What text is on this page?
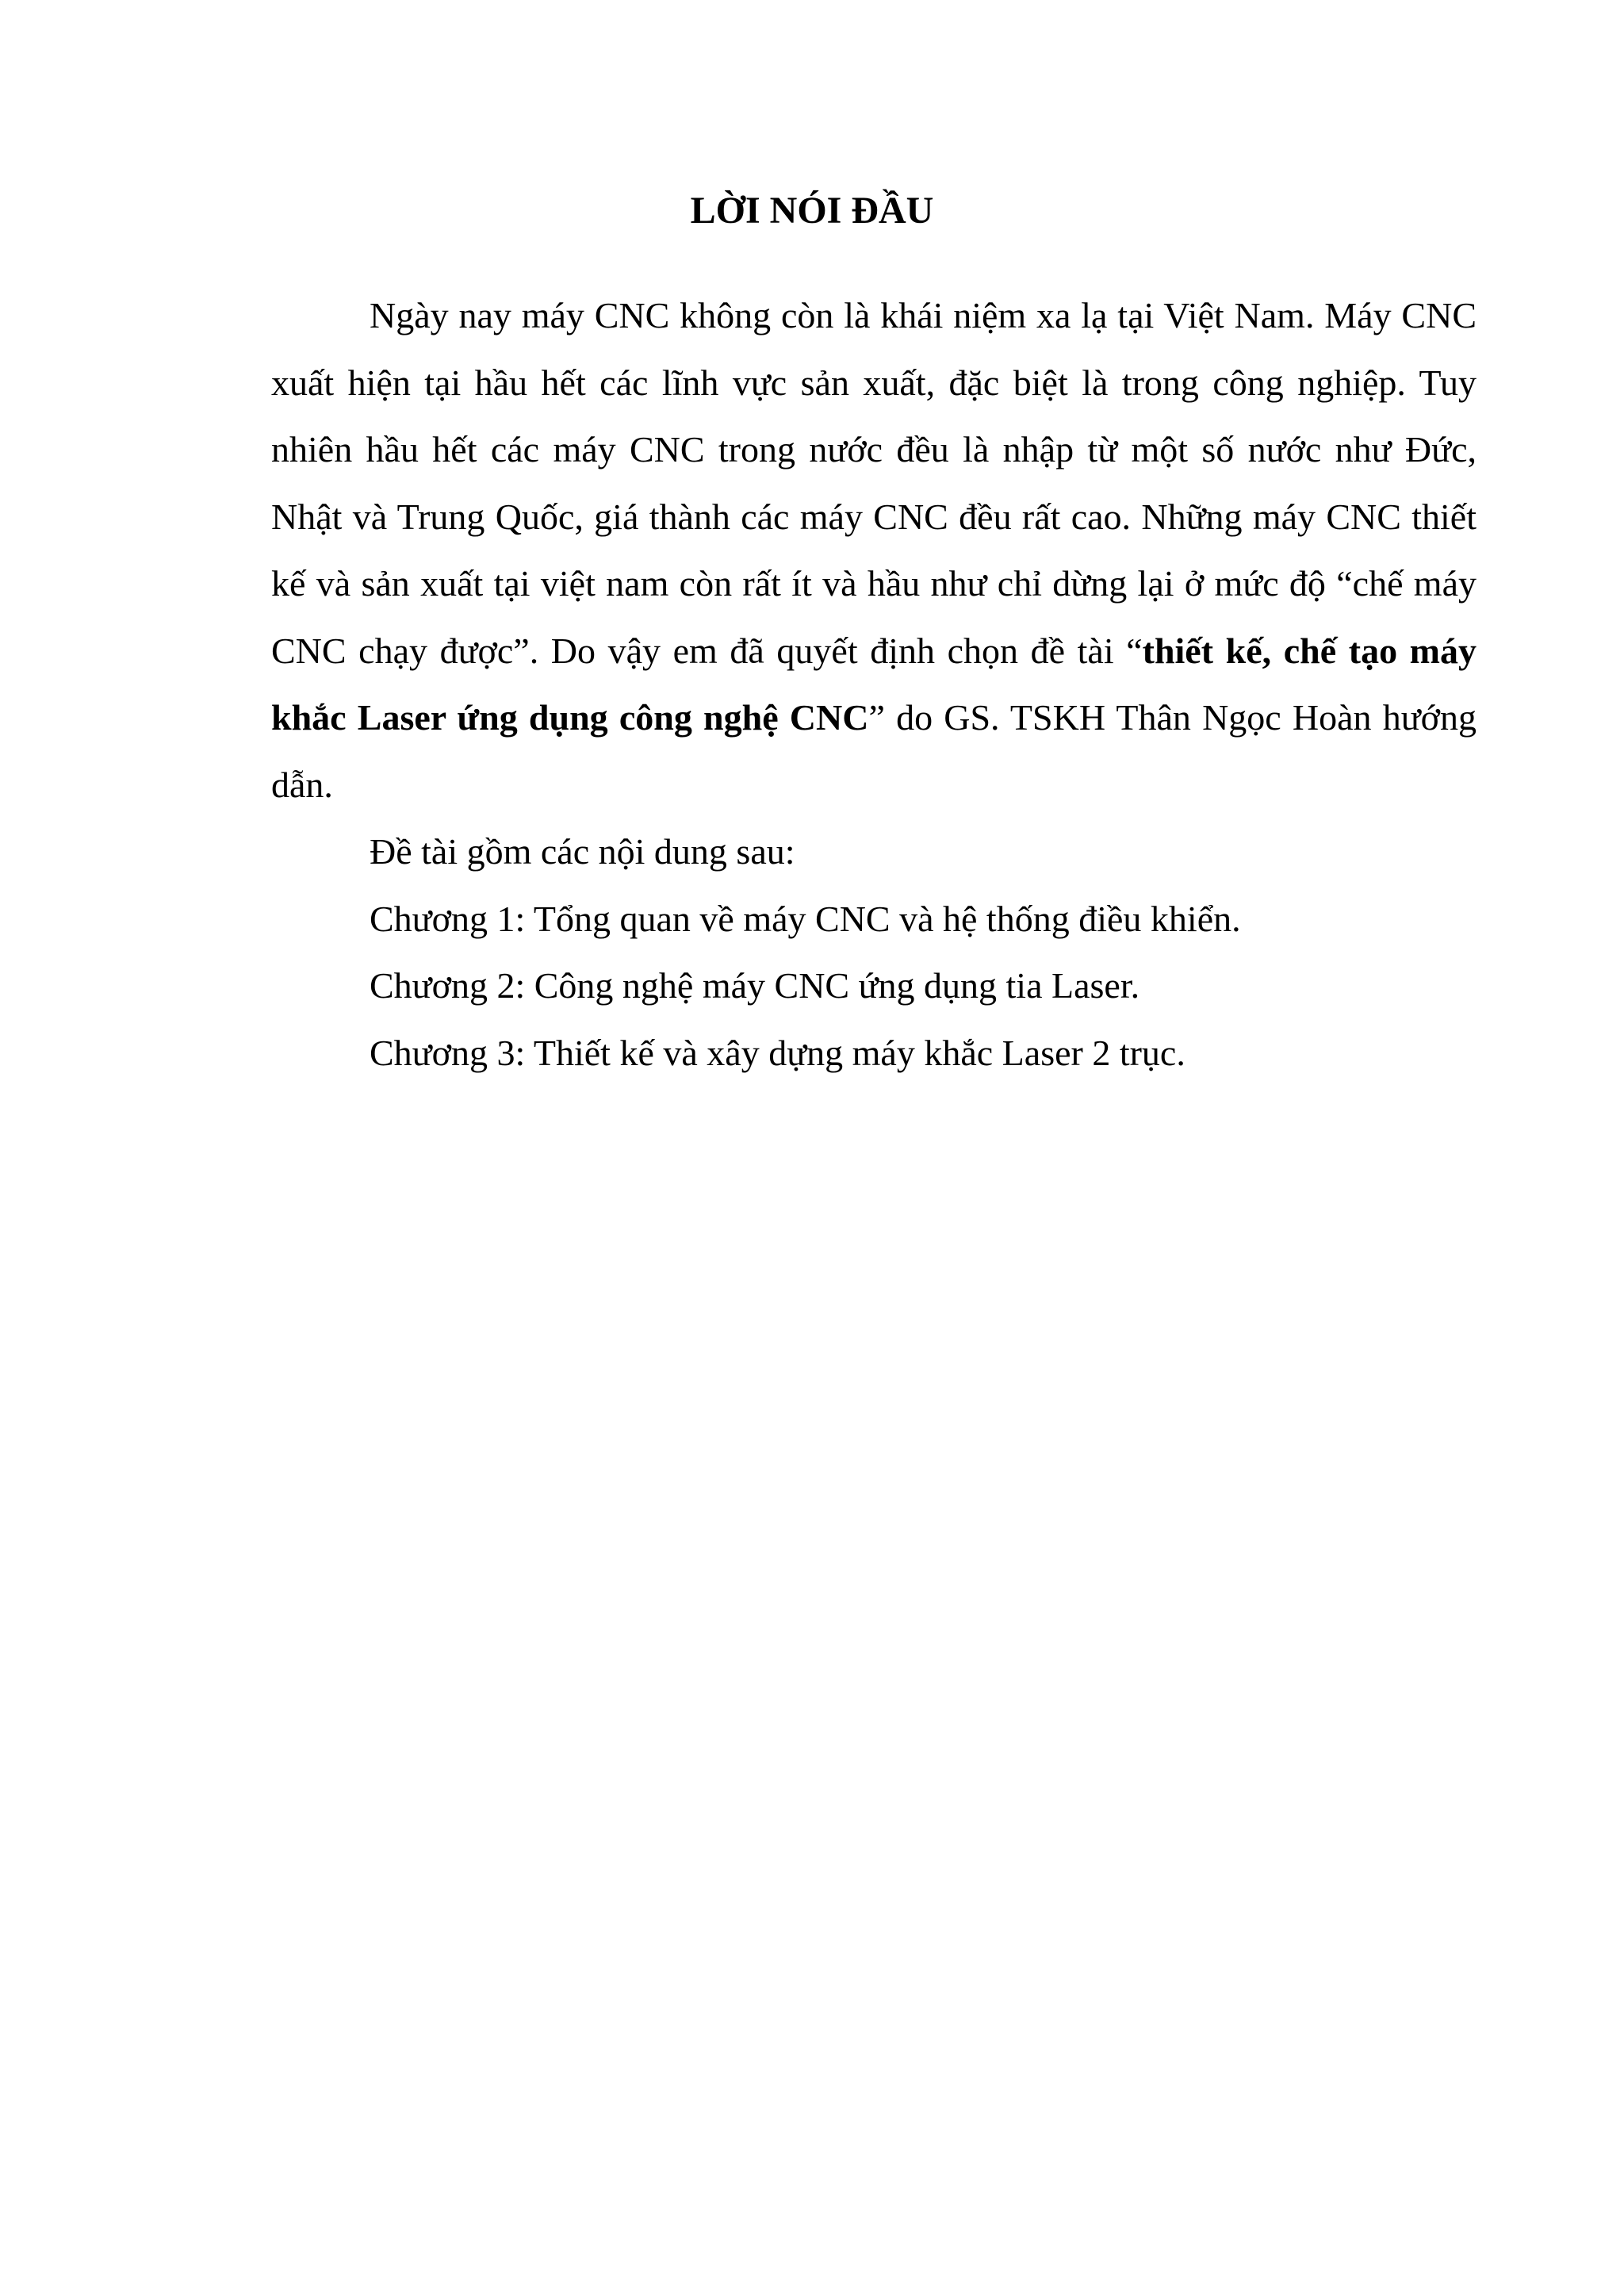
LỜI NÓI ĐẦU

Ngày nay máy CNC không còn là khái niệm xa lạ tại Việt Nam. Máy CNC xuất hiện tại hầu hết các lĩnh vực sản xuất, đặc biệt là trong công nghiệp. Tuy nhiên hầu hết các máy CNC trong nước đều là nhập từ một số nước như Đức, Nhật và Trung Quốc, giá thành các máy CNC đều rất cao. Những máy CNC thiết kế và sản xuất tại việt nam còn rất ít và hầu như chỉ dừng lại ở mức độ “chế máy CNC chạy được”. Do vậy em đã quyết định chọn đề tài “thiết kế, chế tạo máy khắc Laser ứng dụng công nghệ CNC” do GS. TSKH Thân Ngọc Hoàn hướng dẫn.

Đề tài gồm các nội dung sau:

Chương 1: Tổng quan về máy CNC và hệ thống điều khiển.

Chương 2: Công nghệ máy CNC ứng dụng tia Laser.

Chương 3: Thiết kế và xây dựng máy khắc Laser 2 trục.
